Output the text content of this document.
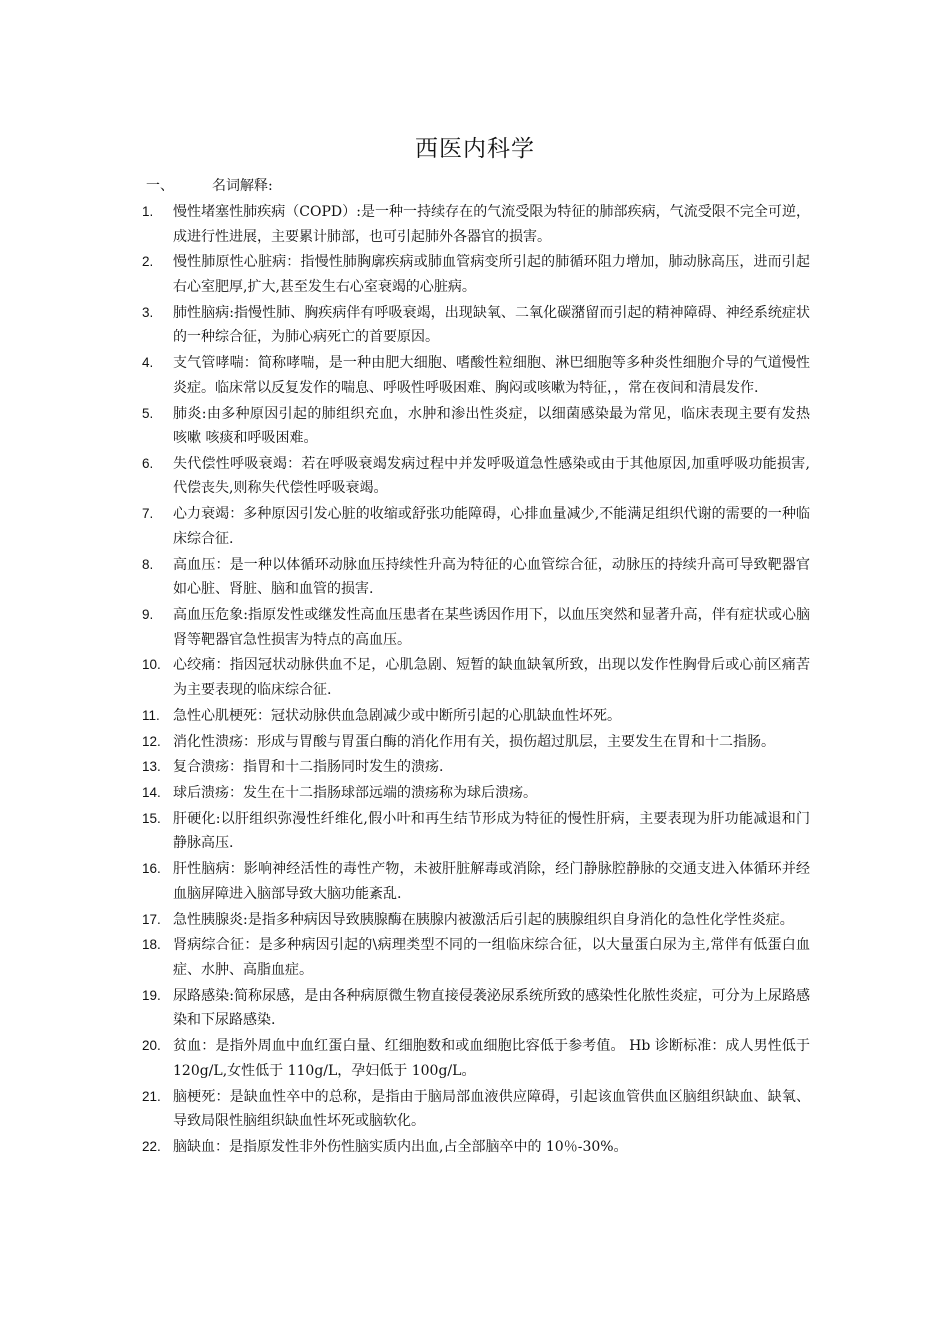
西医内科学
一、	名词解释:
1. 慢性堵塞性肺疾病（COPD）:是一种一持续存在的气流受限为特征的肺部疾病，气流受限不完全可逆，成进行性进展，主要累计肺部，也可引起肺外各器官的损害。
2. 慢性肺原性心脏病：指慢性肺胸廓疾病或肺血管病变所引起的肺循环阻力增加，肺动脉高压，进而引起右心室肥厚,扩大,甚至发生右心室衰竭的心脏病。
3. 肺性脑病:指慢性肺、胸疾病伴有呼吸衰竭，出现缺氧、二氧化碳潴留而引起的精神障碍、神经系统症状的一种综合征，为肺心病死亡的首要原因。
4. 支气管哮喘：简称哮喘，是一种由肥大细胞、嗜酸性粒细胞、淋巴细胞等多种炎性细胞介导的气道慢性炎症。临床常以反复发作的喘息、呼吸性呼吸困难、胸闷或咳嗽为特征，，常在夜间和清晨发作.
5. 肺炎:由多种原因引起的肺组织充血，水肿和渗出性炎症，以细菌感染最为常见，临床表现主要有发热 咳嗽 咳痰和呼吸困难。
6. 失代偿性呼吸衰竭：若在呼吸衰竭发病过程中并发呼吸道急性感染或由于其他原因,加重呼吸功能损害,代偿丧失,则称失代偿性呼吸衰竭。
7. 心力衰竭：多种原因引发心脏的收缩或舒张功能障碍，心排血量减少,不能满足组织代谢的需要的一种临床综合征.
8. 高血压：是一种以体循环动脉血压持续性升高为特征的心血管综合征，动脉压的持续升高可导致靶器官如心脏、肾脏、脑和血管的损害.
9. 高血压危象:指原发性或继发性高血压患者在某些诱因作用下，以血压突然和显著升高，伴有症状或心脑肾等靶器官急性损害为特点的高血压。
10. 心绞痛：指因冠状动脉供血不足，心肌急剧、短暂的缺血缺氧所致，出现以发作性胸骨后或心前区痛苦为主要表现的临床综合征.
11. 急性心肌梗死：冠状动脉供血急剧减少或中断所引起的心肌缺血性坏死。
12. 消化性溃疡：形成与胃酸与胃蛋白酶的消化作用有关，损伤超过肌层，主要发生在胃和十二指肠。
13. 复合溃疡：指胃和十二指肠同时发生的溃疡.
14. 球后溃疡：发生在十二指肠球部远端的溃疡称为球后溃疡。
15. 肝硬化:以肝组织弥漫性纤维化,假小叶和再生结节形成为特征的慢性肝病，主要表现为肝功能减退和门静脉高压.
16. 肝性脑病：影响神经活性的毒性产物，未被肝脏解毒或消除，经门静脉腔静脉的交通支进入体循环并经血脑屏障进入脑部导致大脑功能紊乱.
17. 急性胰腺炎:是指多种病因导致胰腺酶在胰腺内被激活后引起的胰腺组织自身消化的急性化学性炎症。
18. 肾病综合征：是多种病因引起的\病理类型不同的一组临床综合征，以大量蛋白尿为主,常伴有低蛋白血症、水肿、高脂血症。
19. 尿路感染:简称尿感，是由各种病原微生物直接侵袭泌尿系统所致的感染性化脓性炎症，可分为上尿路感染和下尿路感染.
20. 贫血：是指外周血中血红蛋白量、红细胞数和或血细胞比容低于参考值。 Hb 诊断标准：成人男性低于 120g/L,女性低于 110g/L，孕妇低于 100g/L。
21. 脑梗死：是缺血性卒中的总称，是指由于脑局部血液供应障碍，引起该血管供血区脑组织缺血、缺氧、导致局限性脑组织缺血性坏死或脑软化。
22. 脑缺血：是指原发性非外伤性脑实质内出血,占全部脑卒中的 10％-30%。
